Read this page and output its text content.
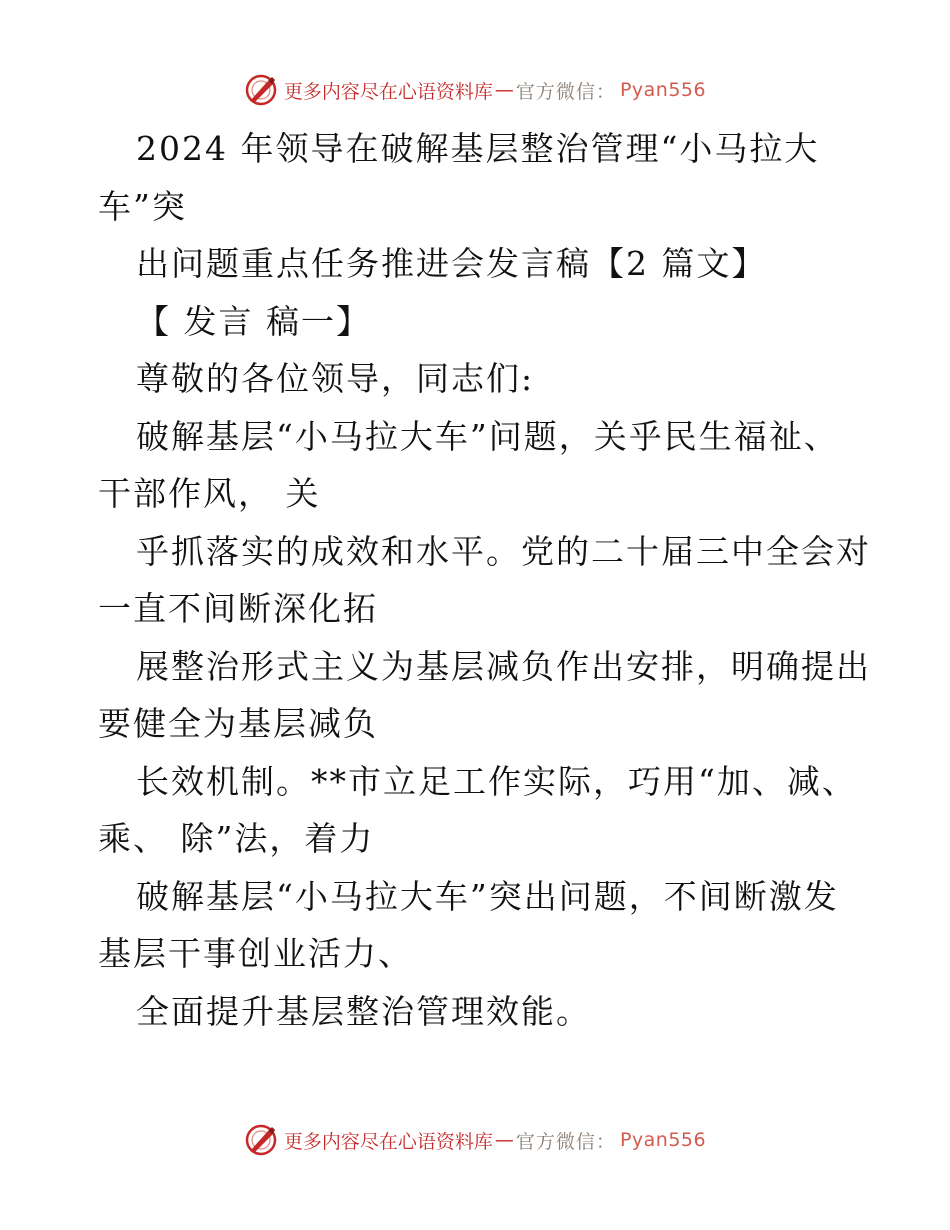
更多内容尽在心语资料库 — 官方微信： Pyan556
2024 年领导在破解基层整治管理“小马拉大
车”突
出问题重点任务推进会发言稿【2 篇文】
【 发言 稿一】
尊敬的各位领导，同志们:
破解基层“小马拉大车”问题，关乎民生福祉、
干部作风， 关
乎抓落实的成效和水平。党的二十届三中全会对
一直不间断深化拓
展整治形式主义为基层减负作出安排，明确提出
要健全为基层减负
长效机制。**市立足工作实际，巧用“加、减、
乘、 除”法，着力
破解基层“小马拉大车”突出问题，不间断激发
基层干事创业活力、
全面提升基层整治管理效能。
更多内容尽在心语资料库 — 官方微信： Pyan556
